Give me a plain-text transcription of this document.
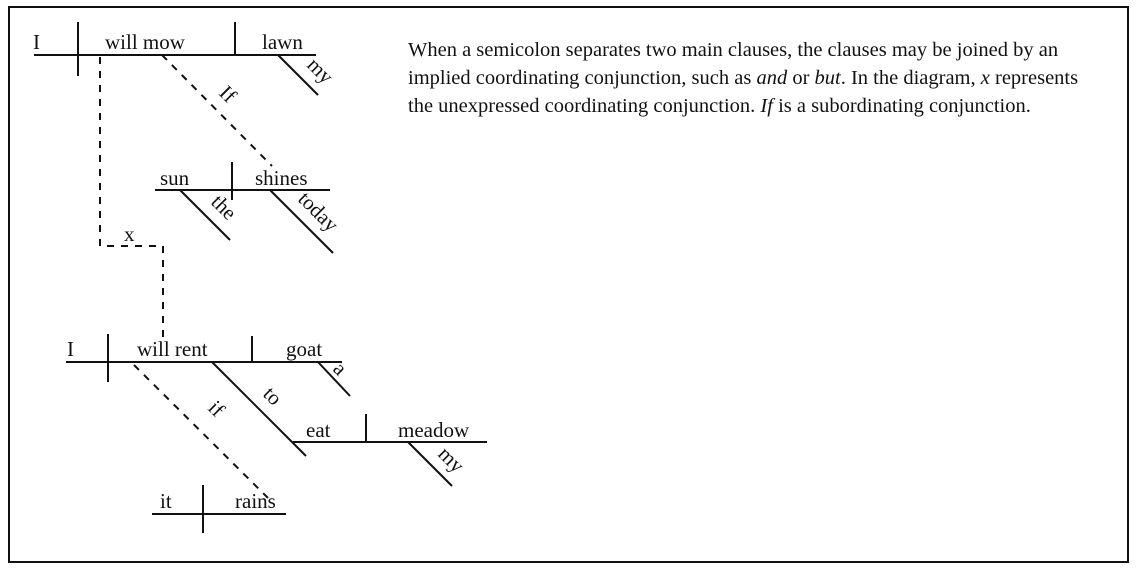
I	will mow	lawn
my
If
sun	shines
the today
x
I	will rent	goat
a
to
if
eat	meadow
my
it	rains
When a semicolon separates two main clauses, the clauses may be joined by an implied coordinating conjunction, such as and or but. In the diagram, x represents the unexpressed coordinating conjunction. If is a subordinating conjunction.
